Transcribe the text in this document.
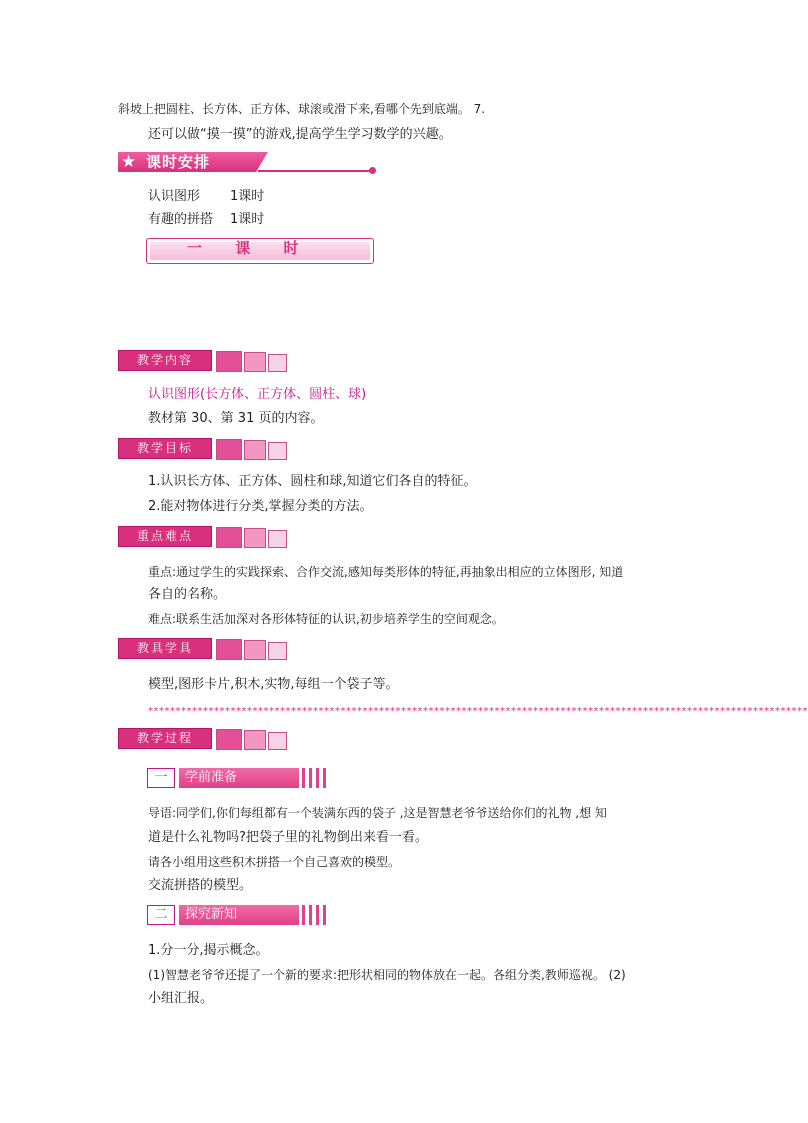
斜坡上把圆柱、长方体、正方体、球滚或滑下来,看哪个先到底端。 7.
还可以做“摸一摸”的游戏,提高学生学习数学的兴趣。
★ 课时安排
认识图形 1课时
有趣的拼搭 1课时
一 课 时
教学内容
认识图形(长方体、正方体、圆柱、球)
教材第 30、第 31 页的内容。
教学目标
1.认识长方体、正方体、圆柱和球,知道它们各自的特征。
2.能对物体进行分类,掌握分类的方法。
重点难点
重点:通过学生的实践探索、合作交流,感知每类形体的特征,再抽象出相应的立体图形, 知道
各自的名称。
难点:联系生活加深对各形体特征的认识,初步培养学生的空间观念。
教具学具
模型,图形卡片,积木,实物,每组一个袋子等。
************************************************************************************************************************
教学过程
一	学前准备
导语:同学们,你们每组都有一个装满东西的袋子 ,这是智慧老爷爷送给你们的礼物 ,想 知
道是什么礼物吗?把袋子里的礼物倒出来看一看。
请各小组用这些积木拼搭一个自己喜欢的模型。
交流拼搭的模型。
二	探究新知
1.分一分,揭示概念。
(1)智慧老爷爷还提了一个新的要求:把形状相同的物体放在一起。各组分类,教师巡视。 (2)
小组汇报。
